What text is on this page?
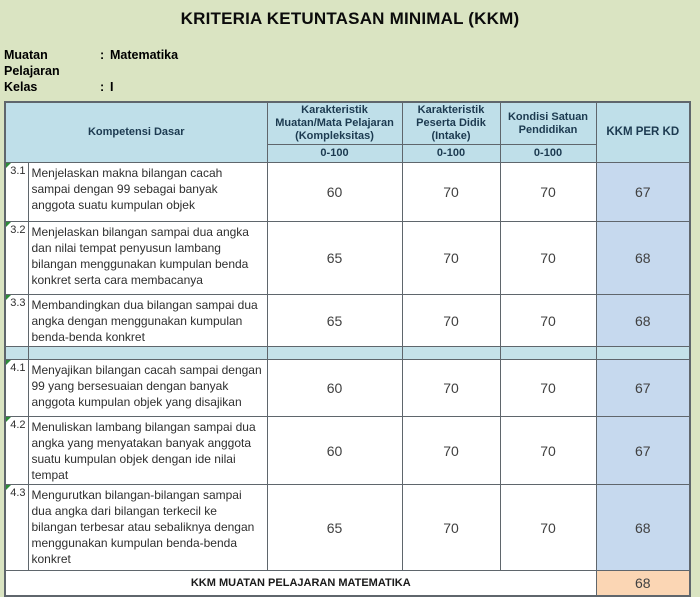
KRITERIA KETUNTASAN MINIMAL (KKM)
Muatan Pelajaran
: Matematika
Kelas	: I
Kompetensi Dasar		Karakteristik Muatan/Mata Pelajaran (Kompleksitas)	Karakteristik Peserta Didik (Intake)	Kondisi Satuan Pendidikan	KKM PER KD
		0-100	0-100	0-100	

3.1	Menjelaskan makna bilangan cacah sampai dengan 99 sebagai banyak anggota suatu kumpulan objek	60	70	70	67

3.2	Menjelaskan bilangan sampai dua angka dan nilai tempat penyusun lambang bilangan menggunakan kumpulan benda konkret serta cara membacanya	65	70	70	68

3.3	Membandingkan dua bilangan sampai dua angka dengan menggunakan kumpulan benda-benda konkret	65	70	70	68

4.1	Menyajikan bilangan cacah sampai dengan 99 yang bersesuaian dengan banyak anggota kumpulan objek yang disajikan	60	70	70	67

4.2	Menuliskan lambang bilangan sampai dua angka yang menyatakan banyak anggota suatu kumpulan objek dengan ide nilai tempat	60	70	70	67

4.3	Mengurutkan bilangan-bilangan sampai dua angka dari bilangan terkecil ke bilangan terbesar atau sebaliknya dengan menggunakan kumpulan benda-benda konkret	65	70	70	68
KKM MUATAN PELAJARAN MATEMATIKA					68
